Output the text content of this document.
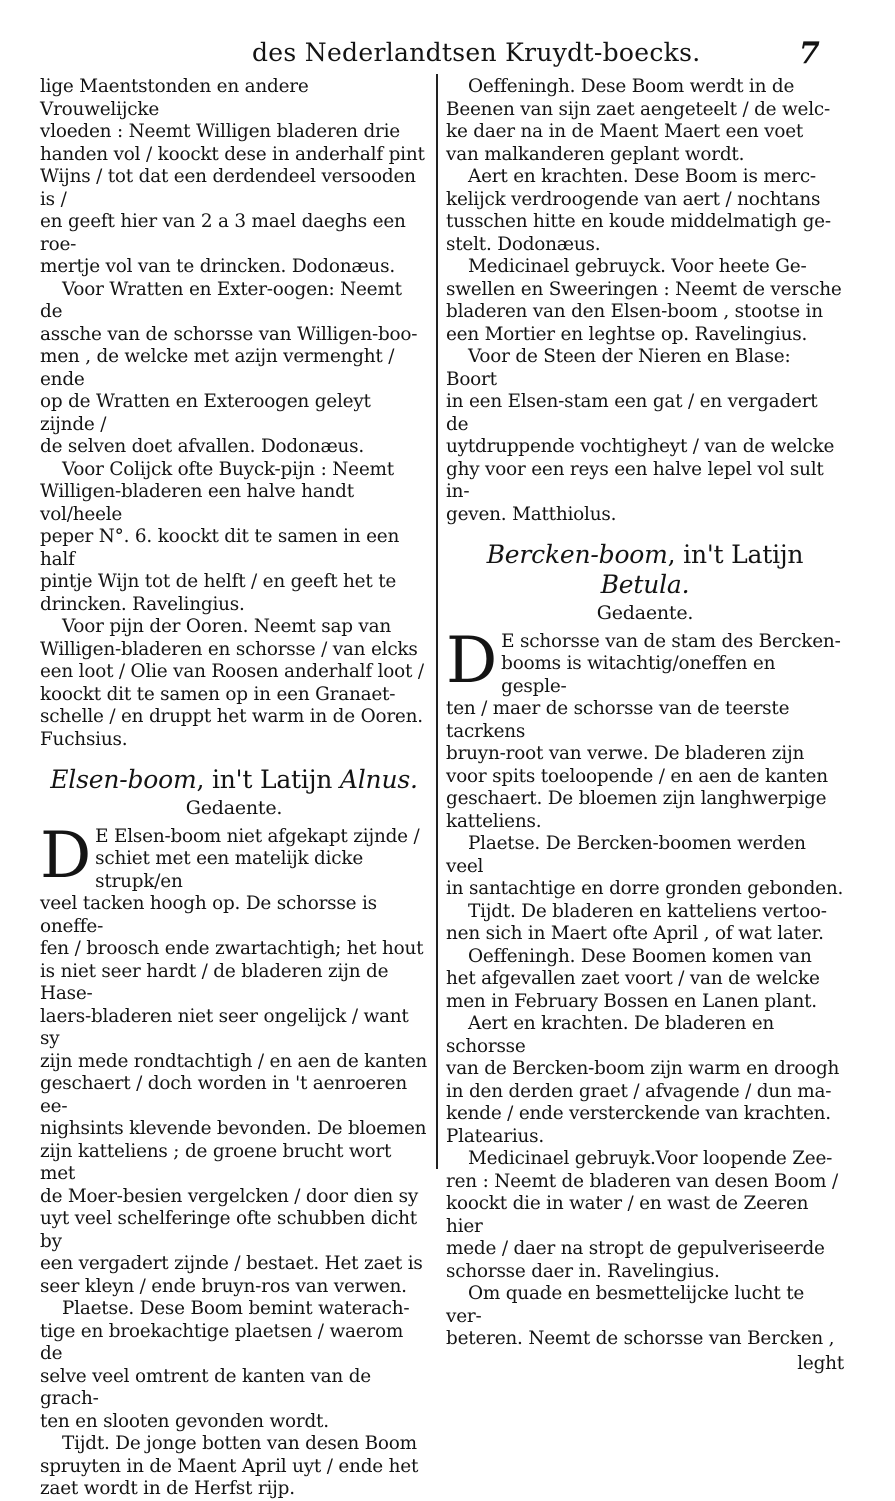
des Nederlandtsen Kruydt-boecks.	7

lige Maentstonden en andere Vrouwelijcke

vloeden : Neemt Willigen bladeren drie

handen vol / koockt dese in anderhalf pint

Wijns / tot dat een derdendeel versooden is /

en geeft hier van 2 a 3 mael daeghs een roe-

mertje vol van te drincken. Dodonæus.

Voor Wratten en Exter-oogen: Neemt de

assche van de schorsse van Willigen-boo-

men , de welcke met azijn vermenght / ende

op de Wratten en Exteroogen geleyt zijnde /

de selven doet afvallen. Dodonæus.

Voor Colijck ofte Buyck-pijn : Neemt

Willigen-bladeren een halve handt vol/heele

peper N°. 6. koockt dit te samen in een half

pintje Wijn tot de helft / en geeft het te

drincken. Ravelingius.

Voor pijn der Ooren. Neemt sap van

Willigen-bladeren en schorsse / van elcks

een loot / Olie van Roosen anderhalf loot /

koockt dit te samen op in een Granaet-

schelle / en druppt het warm in de Ooren.

Fuchsius.

Elsen-boom, in't Latijn Alnus.

Gedaente.

D E Elsen-boom niet afgekapt zijnde /

schiet met een matelijk dicke strupk/en

veel tacken hoogh op. De schorsse is oneffe-

fen / broosch ende zwartachtigh; het hout

is niet seer hardt / de bladeren zijn de Hase-

laers-bladeren niet seer ongelijck / want sy

zijn mede rondtachtigh / en aen de kanten

geschaert / doch worden in 't aenroeren ee-

nighsints klevende bevonden. De bloemen

zijn katteliens ; de groene brucht wort met

de Moer-besien vergelcken / door dien sy

uyt veel schelferinge ofte schubben dicht by

een vergadert zijnde / bestaet. Het zaet is

seer kleyn / ende bruyn-ros van verwen.

Plaetse. Dese Boom bemint waterach-

tige en broekachtige plaetsen / waerom de

selve veel omtrent de kanten van de grach-

ten en slooten gevonden wordt.

Tijdt. De jonge botten van desen Boom

spruyten in de Maent April uyt / ende het

zaet wordt in de Herfst rijp.

Oeffeningh. Dese Boom werdt in de

Beenen van sijn zaet aengeteelt / de welc-

ke daer na in de Maent Maert een voet

van malkanderen geplant wordt.

Aert en krachten. Dese Boom is merc-

kelijck verdroogende van aert / nochtans

tusschen hitte en koude middelmatigh ge-

stelt. Dodonæus.

Medicinael gebruyck. Voor heete Ge-

swellen en Sweeringen : Neemt de versche

bladeren van den Elsen-boom , stootse in

een Mortier en leghtse op. Ravelingius.

Voor de Steen der Nieren en Blase: Boort

in een Elsen-stam een gat / en vergadert de

uytdruppende vochtigheyt / van de welcke

ghy voor een reys een halve lepel vol sult in-

geven. Matthiolus.

Bercken-boom, in't Latijn Betula.

Gedaente.

D E schorsse van de stam des Bercken-

booms is witachtig/oneffen en gesple-

ten / maer de schorsse van de teerste tacrkens

bruyn-root van verwe. De bladeren zijn

voor spits toeloopende / en aen de kanten

geschaert. De bloemen zijn langhwerpige

katteliens.

Plaetse. De Bercken-boomen werden veel

in santachtige en dorre gronden gebonden.

Tijdt. De bladeren en katteliens vertoo-

nen sich in Maert ofte April , of wat later.

Oeffeningh. Dese Boomen komen van

het afgevallen zaet voort / van de welcke

men in February Bossen en Lanen plant.

Aert en krachten. De bladeren en schorsse

van de Bercken-boom zijn warm en droogh

in den derden graet / afvagende / dun ma-

kende / ende versterckende van krachten.

Platearius.

Medicinael gebruyk.Voor loopende Zee-

ren : Neemt de bladeren van desen Boom /

koockt die in water / en wast de Zeeren hier

mede / daer na stropt de gepulveriseerde

schorsse daer in. Ravelingius.

Om quade en besmettelijcke lucht te ver-

beteren. Neemt de schorsse van Bercken ,

leght
